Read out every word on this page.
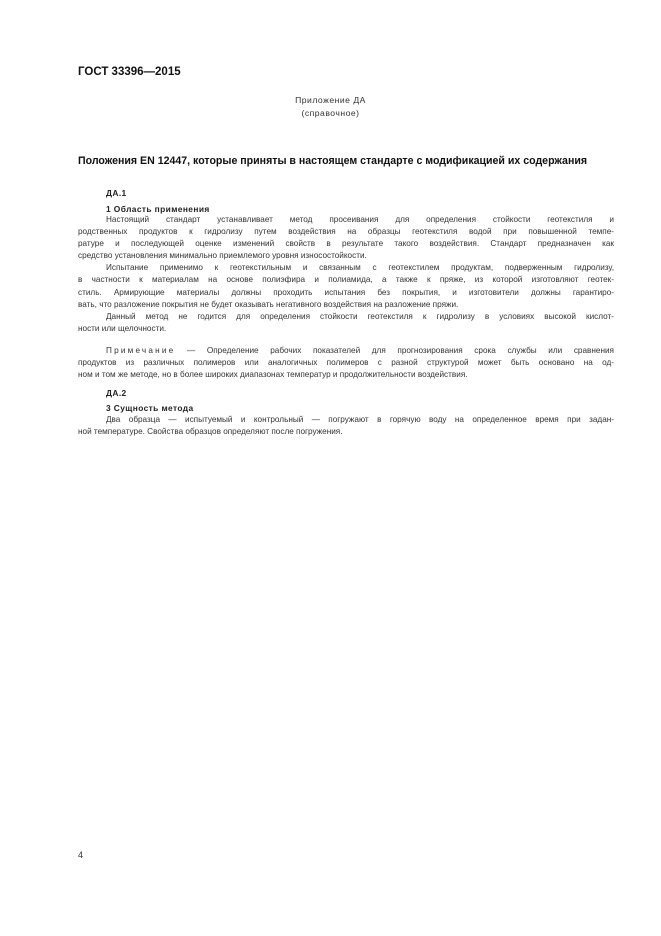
ГОСТ 33396—2015
Приложение ДА
(справочное)
Положения EN 12447, которые приняты в настоящем стандарте с модификацией их содержания
ДА.1
1 Область применения
Настоящий стандарт устанавливает метод просеивания для определения стойкости геотекстиля и
родственных продуктов к гидролизу путем воздействия на образцы геотекстиля водой при повышенной темпе-
ратуре и последующей оценке изменений свойств в результате такого воздействия. Стандарт предназначен как
средство установления минимально приемлемого уровня износостойкости.
Испытание применимо к геотекстильным и связанным с геотекстилем продуктам, подверженным гидролизу,
в частности к материалам на основе полиэфира и полиамида, а также к пряже, из которой изготовляют геотек-
стиль. Армирующие материалы должны проходить испытания без покрытия, и изготовители должны гарантиро-
вать, что разложение покрытия не будет оказывать негативного воздействия на разложение пряжи.
Данный метод не годится для определения стойкости геотекстиля к гидролизу в условиях высокой кислот-
ности или щелочности.
Примечание — Определение рабочих показателей для прогнозирования срока службы или сравнения
продуктов из различных полимеров или аналогичных полимеров с разной структурой может быть основано на од-
ном и том же методе, но в более широких диапазонах температур и продолжительности воздействия.
ДА.2
3 Сущность метода
Два образца — испытуемый и контрольный — погружают в горячую воду на определенное время при задан-
ной температуре. Свойства образцов определяют после погружения.
4
